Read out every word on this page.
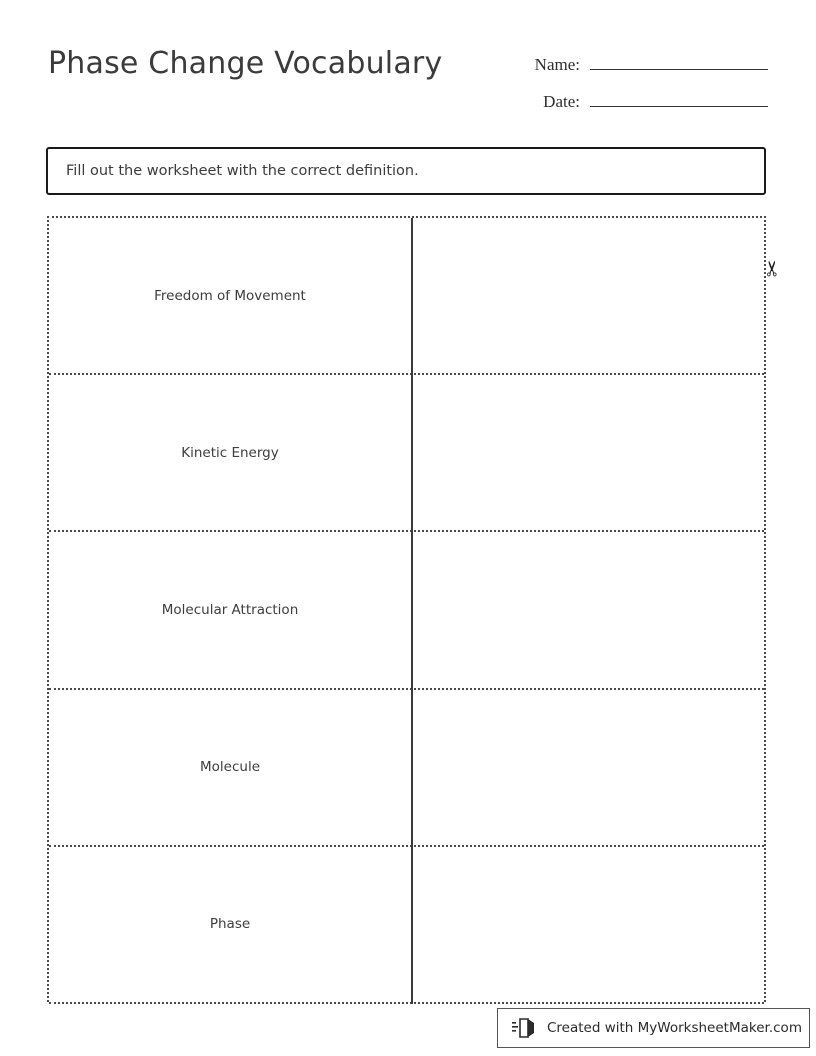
Phase Change Vocabulary	Name:
Date:
Fill out the worksheet with the correct definition.
✂
Freedom of Movement
Kinetic Energy
Molecular Attraction
Molecule
Phase
Created with MyWorksheetMaker.com
